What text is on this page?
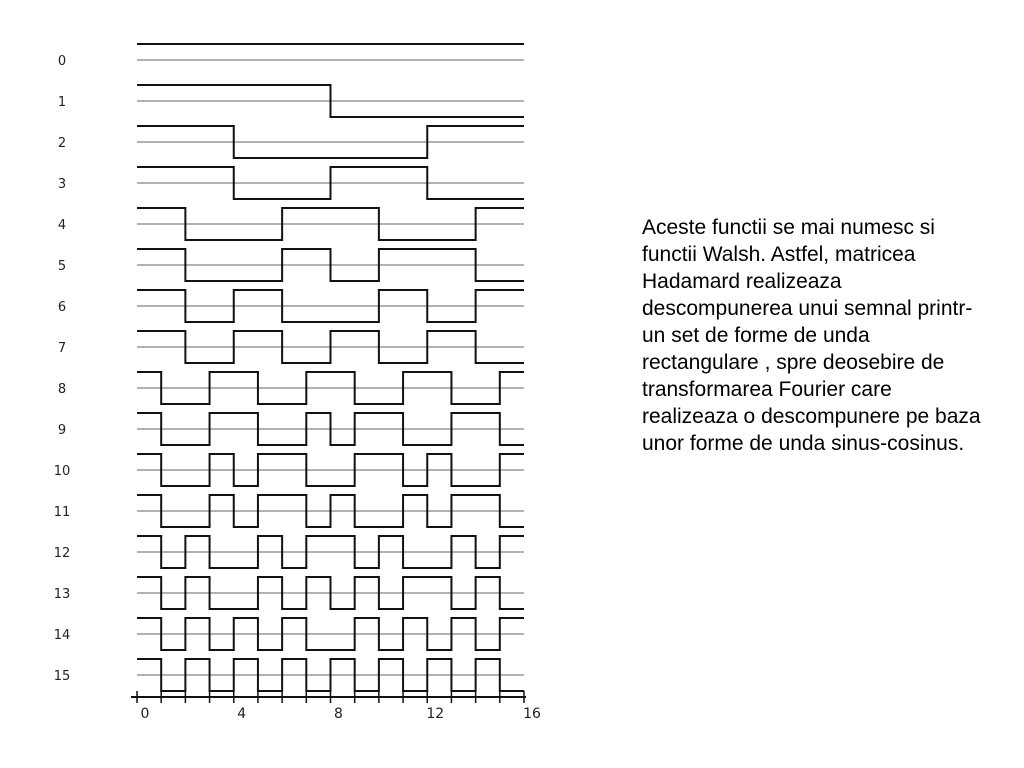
0
1
2
3
4
5
6
7
8
9
10
11
12
13
14
15
0	4	8	12	16

Aceste functii se mai numesc si functii Walsh. Astfel, matricea Hadamard realizeaza descompunerea unui semnal printr-un set de forme de unda rectangulare , spre deosebire de transformarea Fourier care realizeaza o descompunere pe baza unor forme de unda sinus-cosinus.
